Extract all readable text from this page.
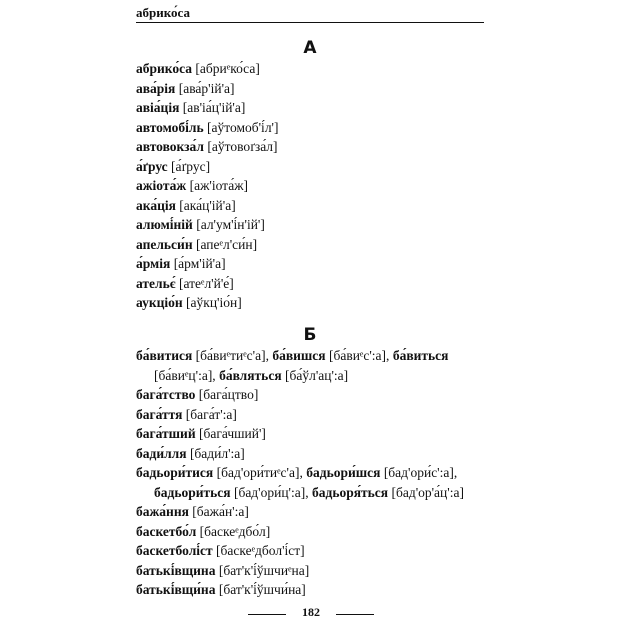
абрико́са
А

абрико́са [абриᵉко́са]

ава́рія [ава́р'ій'а]

авіа́ція [ав'іа́ц'ій'а]

автомобі́ль [аўтомоб'і́л']

автовокза́л [аўтовоґза́л]

а́ґрус [а́ґрус]

ажіота́ж [аж'іота́ж]

ака́ція [ака́ц'ій'а]

алюмі́ній [ал'ум'і́н'ій']

апельси́н [апеᵉл'си́н]

а́рмія [а́рм'ій'а]

ательє́ [атеᵉл'й'е́]

аукціо́н [аўкц'іо́н]

Б

ба́витися [ба́виᵉтиᵉс'а], ба́вишся [ба́виᵉс':а], ба́виться [ба́виᵉц':а], ба́вляться [ба́ўл'ац':а]

бага́тство [бага́цтво]

бага́ття [бага́т':а]

бага́тший [бага́чший']

бади́лля [бади́л':а]

бадьори́тися [бад'ори́тиᵉс'а], бадьори́шся [бад'ори́с':а], бадьори́ться [бад'ори́ц':а], бадьоря́ться [бад'ор'а́ц':а]

бажа́ння [бажа́н':а]

баскетбо́л [баскеᵉдбо́л]

баскетболі́ст [баскеᵉдбол'і́ст]

батькі́вщина [бат'к'і́ўшчиᵉна]

батькі́вщи́на [бат'к'і́ўшчи́на]

182
